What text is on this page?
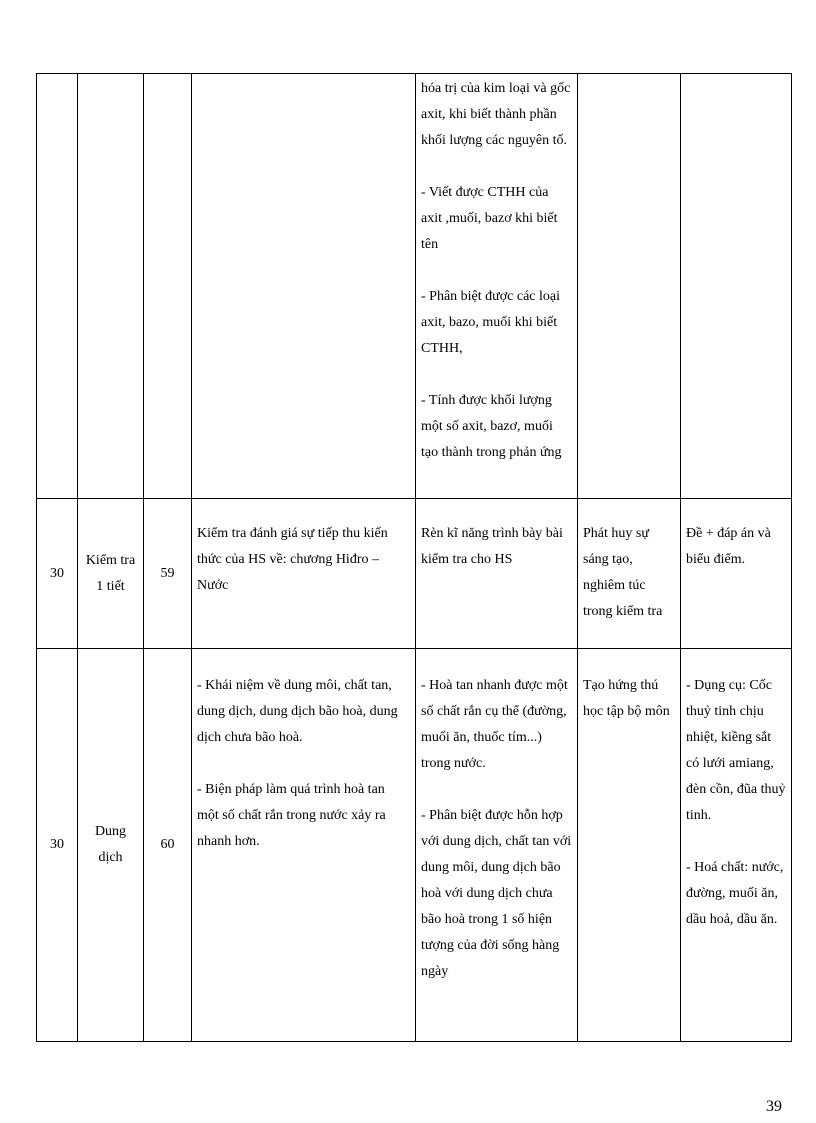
				hóa trị của kim loại và gốc axit, khi biết thành phần khối lượng các nguyên tố.
- Viết được CTHH của axit ,muối, bazơ khi biết tên
- Phân biệt được các loại axit, bazo, muối khi biết CTHH,
- Tính được khối lượng một số axit, bazơ, muối tạo thành trong phản ứng		

30	Kiểm tra 1 tiết	59	Kiểm tra đánh giá sự tiếp thu kiến thức của HS về: chương Hiđro – Nước	Rèn kĩ năng trình bày bài kiểm tra cho HS	Phát huy sự sáng tạo, nghiêm túc trong kiểm tra	Đề + đáp án và biểu điểm.

30	Dung dịch	60	- Khái niệm về dung môi, chất tan, dung dịch, dung dịch bão hoà, dung dịch chưa bão hoà.
- Biện pháp làm quá trình hoà tan một số chất rắn trong nước xảy ra nhanh hơn.	- Hoà tan nhanh được một số chất rắn cụ thể (đường, muối ăn, thuốc tím...) trong nước.
- Phân biệt được hỗn hợp với dung dịch, chất tan với dung môi, dung dịch bão hoà với dung dịch chưa bão hoà trong 1 số hiện tượng của đời sống hàng ngày	Tạo hứng thú học tập bộ môn	- Dụng cụ: Cốc thuỷ tinh chịu nhiệt, kiềng sắt có lưới amiang, đèn cồn, đũa thuỷ tinh.
- Hoá chất: nước, đường, muối ăn, dầu hoả, dầu ăn.
39
